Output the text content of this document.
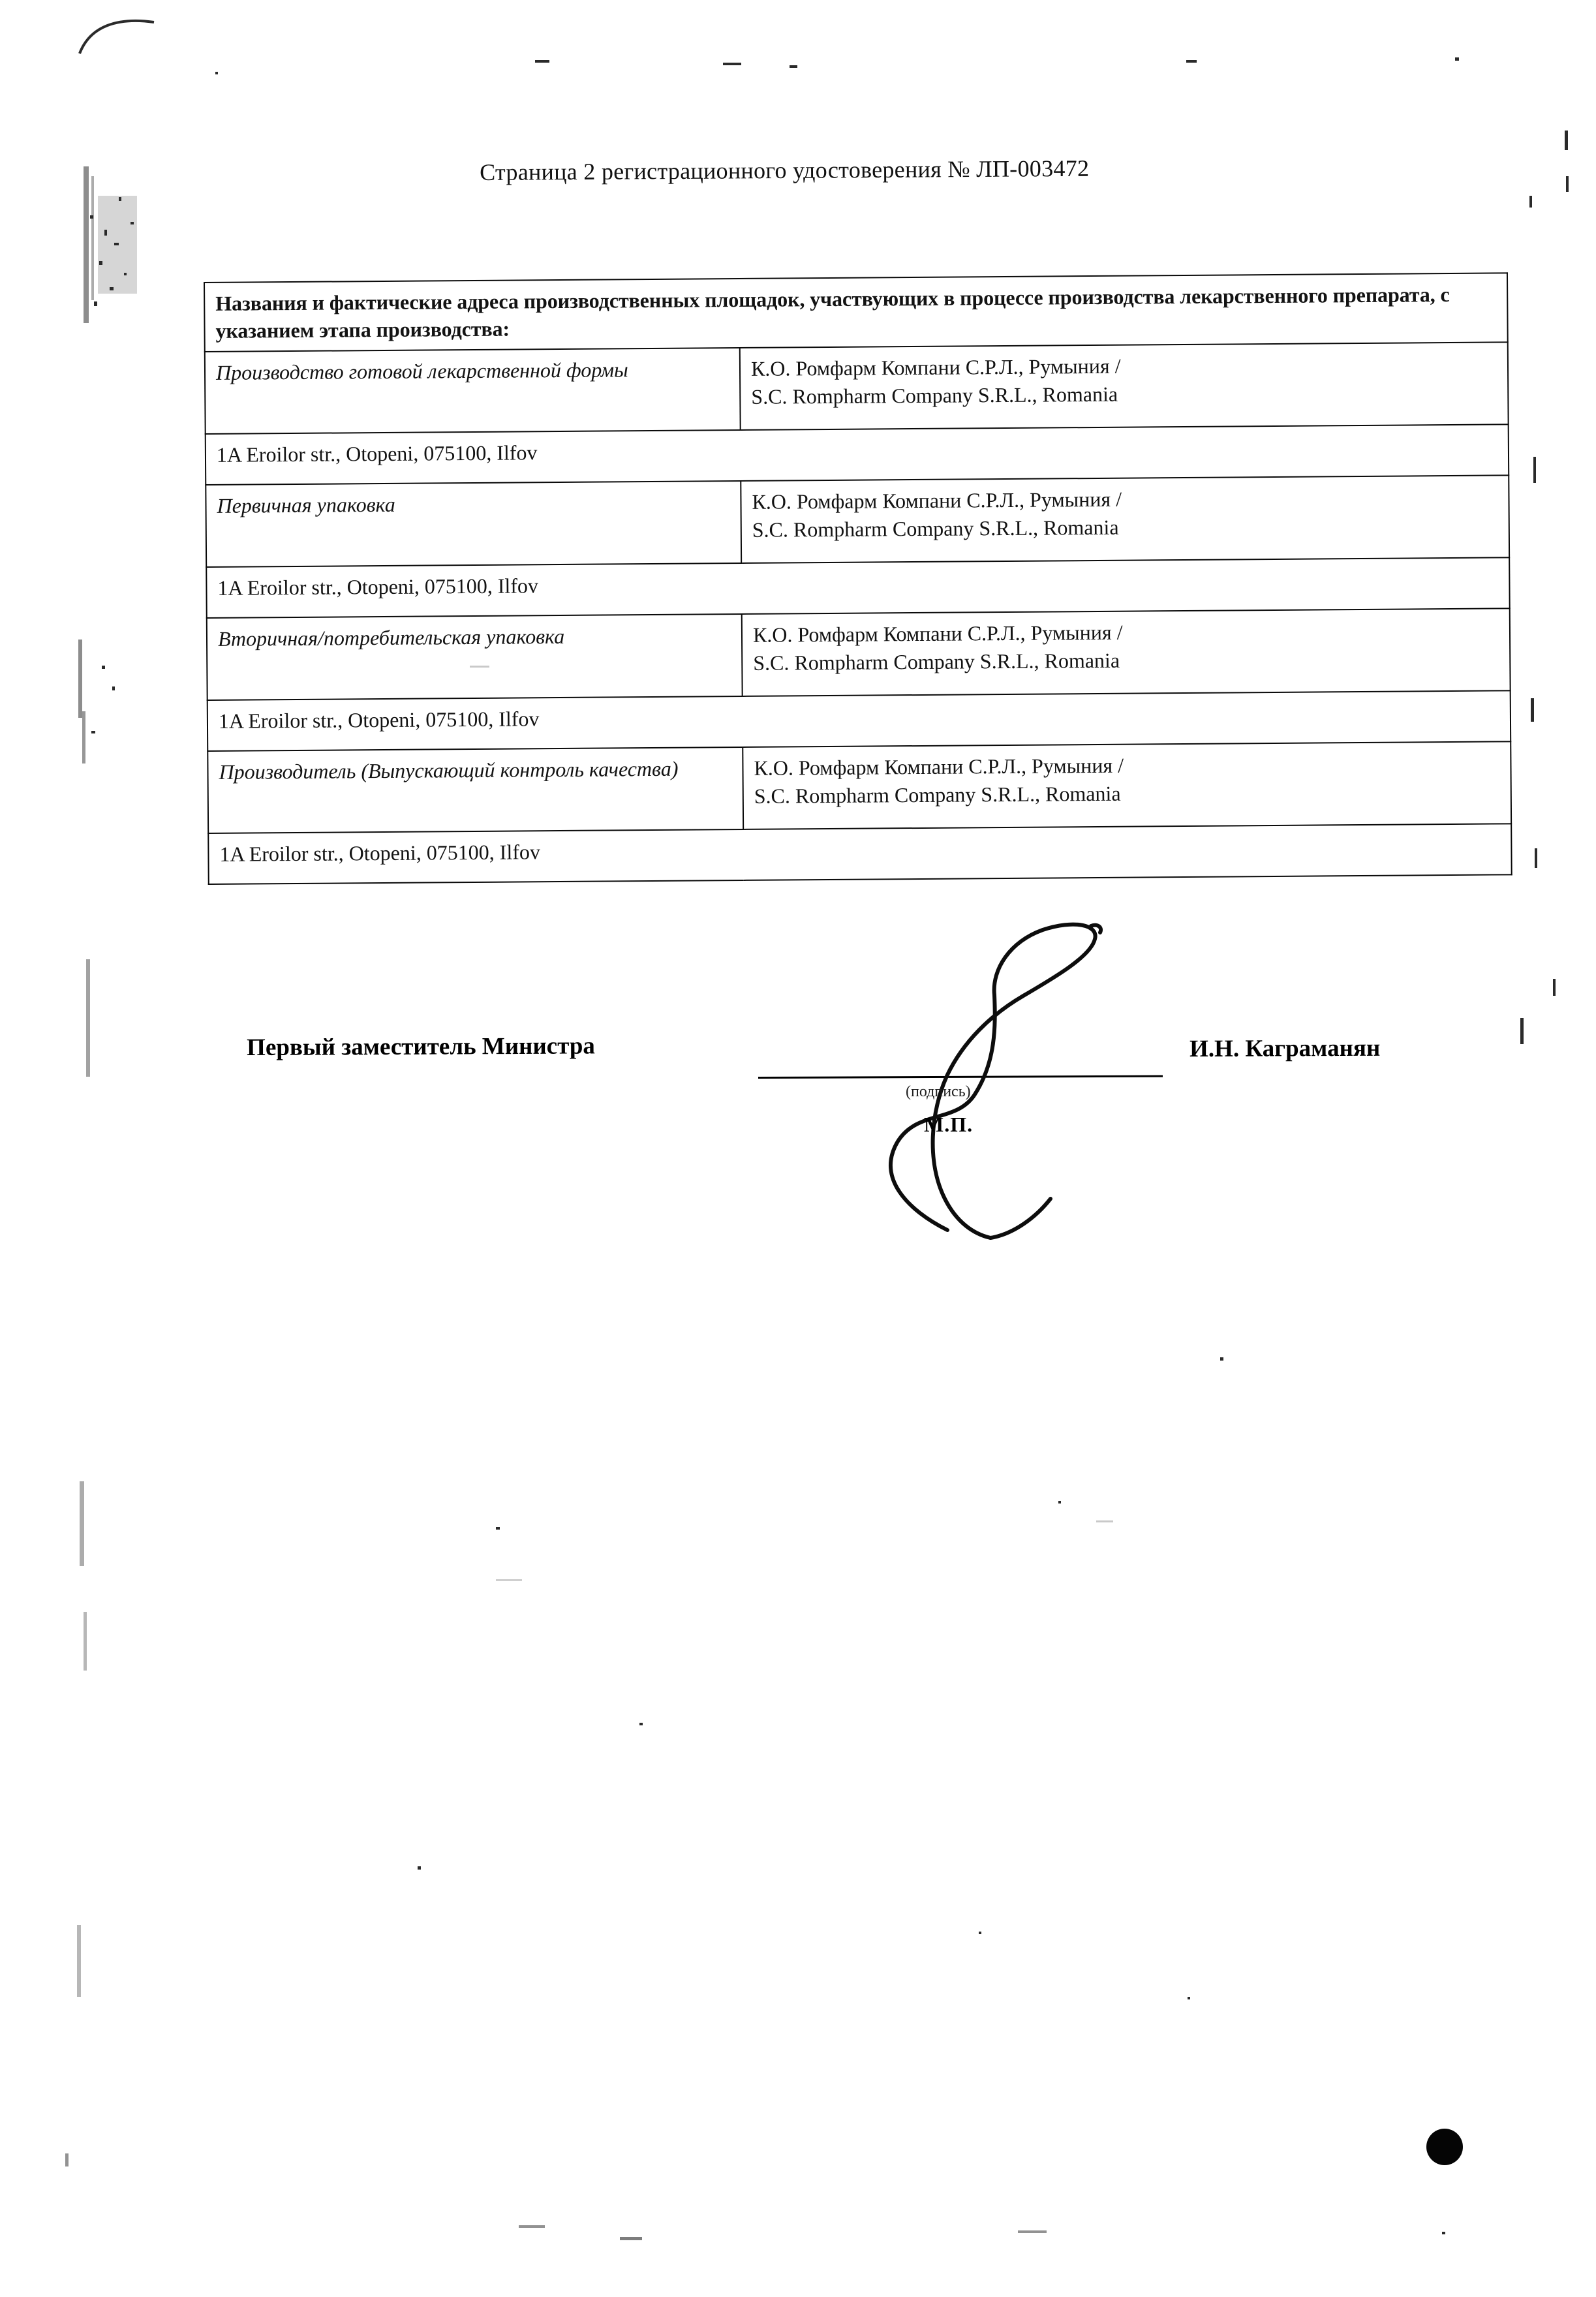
Страница 2 регистрационного удостоверения № ЛП-003472
Названия и фактические адреса производственных площадок, участвующих в процессе производства лекарственного препарата, с указанием этапа производства:	
Производство готовой лекарственной формы	К.О. Ромфарм Компани С.Р.Л., Румыния /
S.C. Rompharm Company S.R.L., Romania

1A Eroilor str., Otopeni, 075100, Ilfov	
Первичная упаковка	К.О. Ромфарм Компани С.Р.Л., Румыния /
S.C. Rompharm Company S.R.L., Romania

1A Eroilor str., Otopeni, 075100, Ilfov	
Вторичная/потребительская упаковка	К.О. Ромфарм Компани С.Р.Л., Румыния /
S.C. Rompharm Company S.R.L., Romania

1A Eroilor str., Otopeni, 075100, Ilfov	
Производитель (Выпускающий контроль качества)	К.О. Ромфарм Компани С.Р.Л., Румыния /
S.C. Rompharm Company S.R.L., Romania

1A Eroilor str., Otopeni, 075100, Ilfov	
Первый заместитель Министра
(подпись)
М.П.
И.Н. Каграманян
